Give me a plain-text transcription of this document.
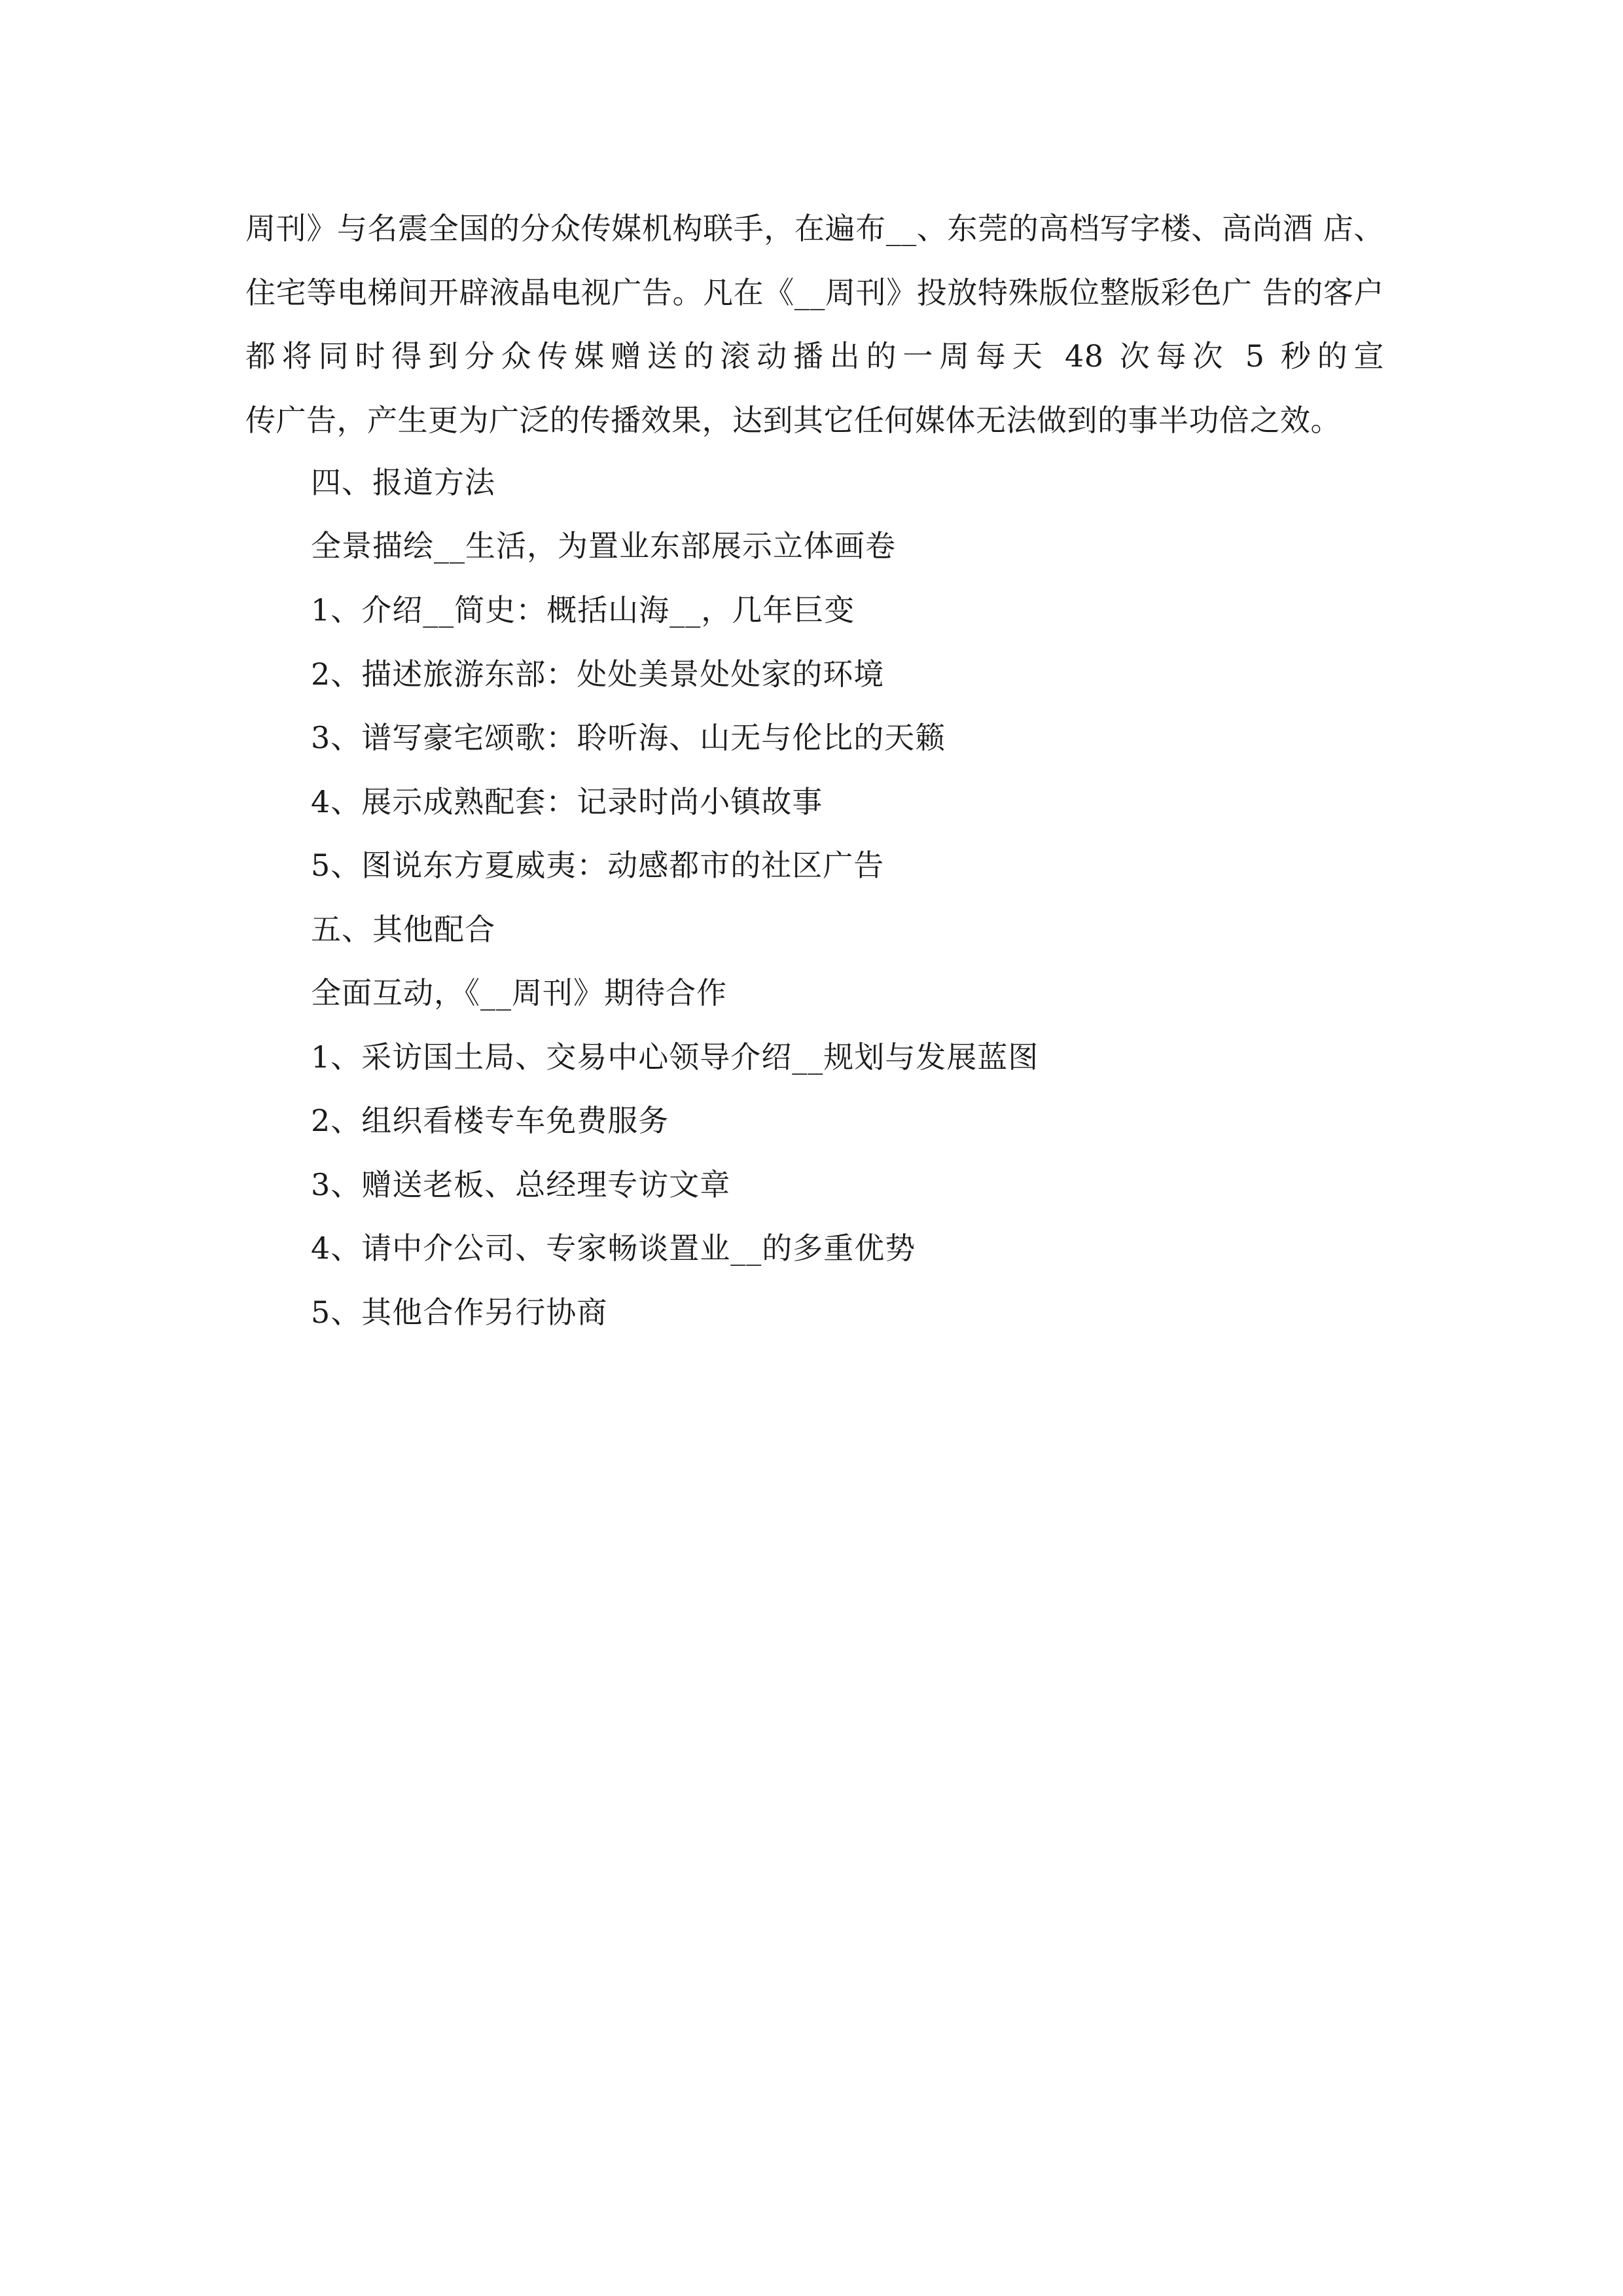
周刊》与名震全国的分众传媒机构联手，在遍布__、东莞的高档写字楼、高尚酒 店、住宅等电梯间开辟液晶电视广告。凡在《__周刊》投放特殊版位整版彩色广 告的客户都将同时得到分众传媒赠送的滚动播出的一周每天 48 次每次 5 秒的宣
传广告，产生更为广泛的传播效果，达到其它任何媒体无法做到的事半功倍之效。
四、报道方法
全景描绘__生活，为置业东部展示立体画卷
1、介绍__简史：概括山海__，几年巨变
2、描述旅游东部：处处美景处处家的环境
3、谱写豪宅颂歌：聆听海、山无与伦比的天籁
4、展示成熟配套：记录时尚小镇故事
5、图说东方夏威夷：动感都市的社区广告
五、其他配合
全面互动，《__周刊》期待合作
1、采访国土局、交易中心领导介绍__规划与发展蓝图
2、组织看楼专车免费服务
3、赠送老板、总经理专访文章
4、请中介公司、专家畅谈置业__的多重优势
5、其他合作另行协商
